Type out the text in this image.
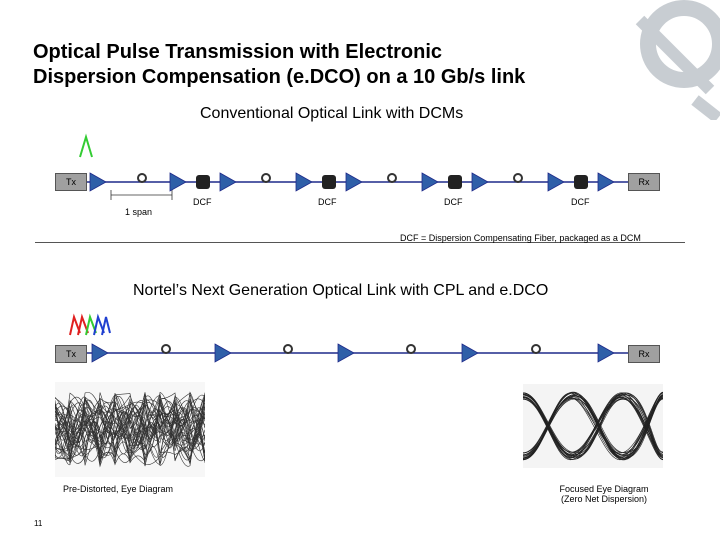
Optical Pulse Transmission with Electronic
Dispersion Compensation (e.DCO) on a 10 Gb/s link
Conventional Optical Link with DCMs
Tx	Rx
1 span
DCF	DCF	DCF	DCF
DCF = Dispersion Compensating Fiber, packaged as a DCM
Nortel’s Next Generation Optical Link with CPL and e.DCO
Tx	Rx
Pre-Distorted, Eye Diagram	Focused Eye Diagram
(Zero Net Dispersion)
11
